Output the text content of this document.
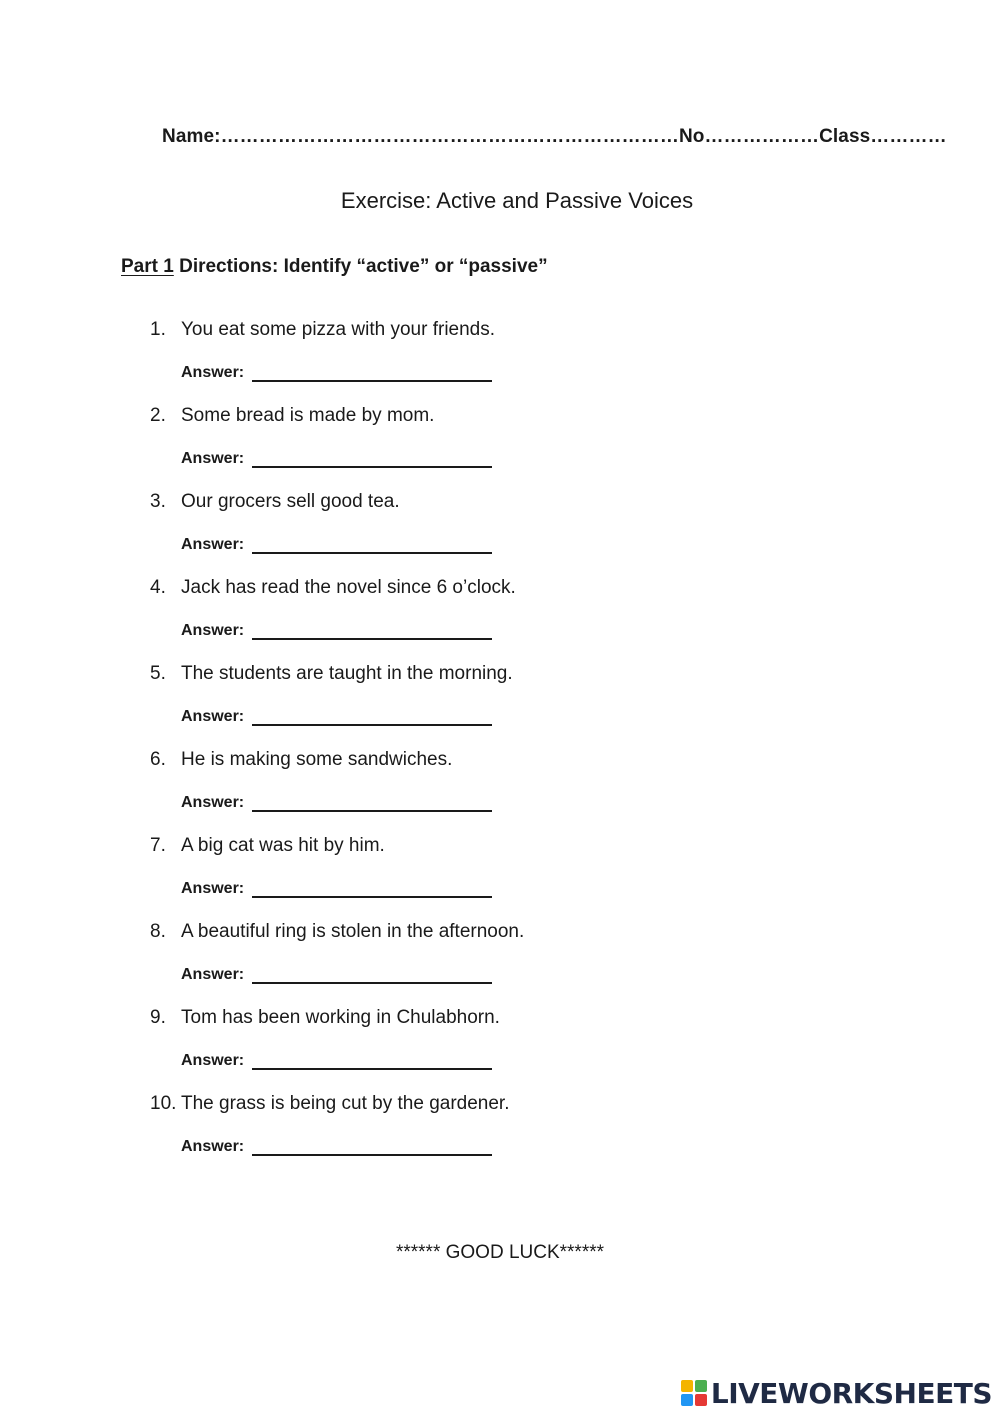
Name:………………………………………………………………No………………Class…………
Exercise: Active and Passive Voices
Part 1 Directions: Identify “active” or “passive”
1. You eat some pizza with your friends.
Answer:
2. Some bread is made by mom.
Answer:
3. Our grocers sell good tea.
Answer:
4. Jack has read the novel since 6 o’clock.
Answer:
5. The students are taught in the morning.
Answer:
6. He is making some sandwiches.
Answer:
7. A big cat was hit by him.
Answer:
8. A beautiful ring is stolen in the afternoon.
Answer:
9. Tom has been working in Chulabhorn.
Answer:
10. The grass is being cut by the gardener.
Answer:
****** GOOD LUCK******
LIVEWORKSHEETS
